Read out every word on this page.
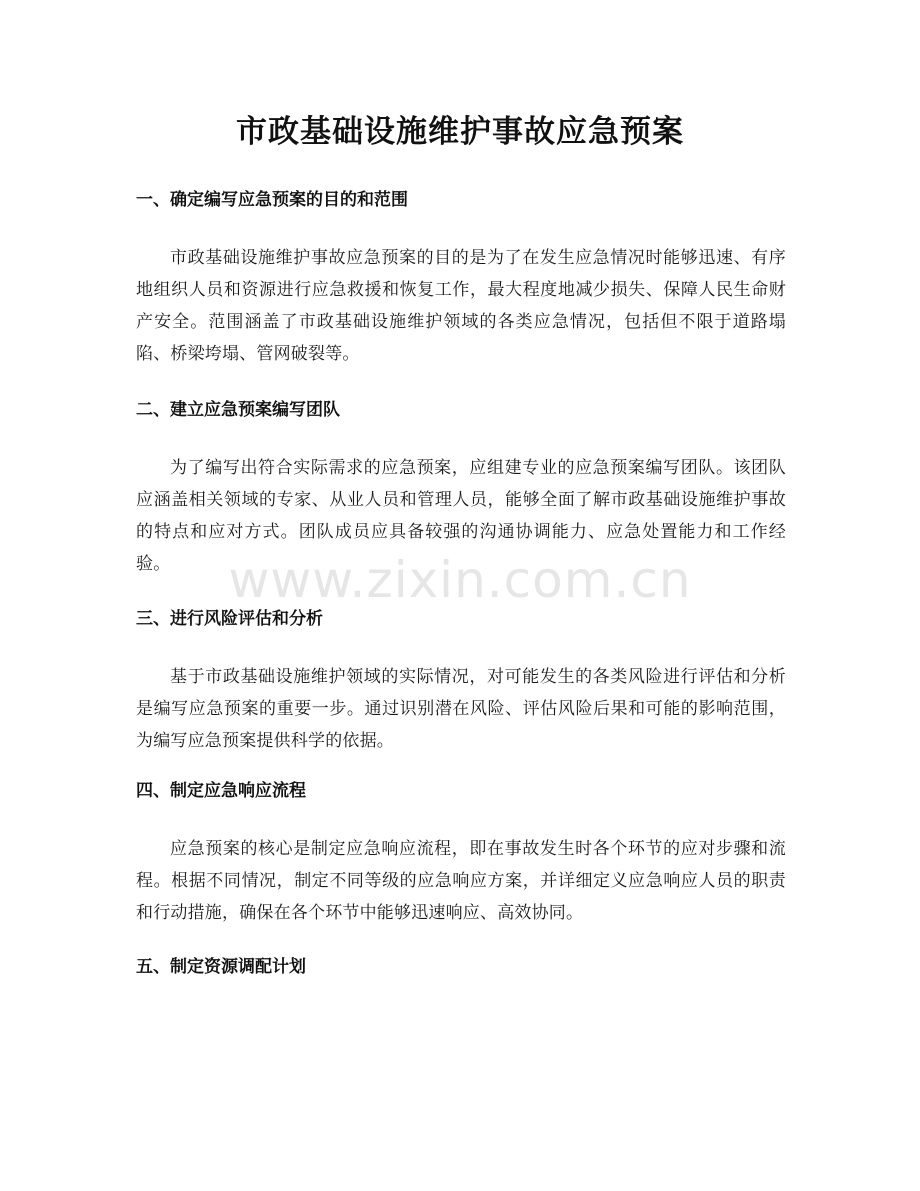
市政基础设施维护事故应急预案
一、确定编写应急预案的目的和范围

市政基础设施维护事故应急预案的目的是为了在发生应急情况时能够迅速、有序地组织人员和资源进行应急救援和恢复工作，最大程度地减少损失、保障人民生命财产安全。范围涵盖了市政基础设施维护领域的各类应急情况，包括但不限于道路塌陷、桥梁垮塌、管网破裂等。

二、建立应急预案编写团队

为了编写出符合实际需求的应急预案，应组建专业的应急预案编写团队。该团队应涵盖相关领域的专家、从业人员和管理人员，能够全面了解市政基础设施维护事故的特点和应对方式。团队成员应具备较强的沟通协调能力、应急处置能力和工作经验。

三、进行风险评估和分析

基于市政基础设施维护领域的实际情况，对可能发生的各类风险进行评估和分析是编写应急预案的重要一步。通过识别潜在风险、评估风险后果和可能的影响范围，为编写应急预案提供科学的依据。

四、制定应急响应流程

应急预案的核心是制定应急响应流程，即在事故发生时各个环节的应对步骤和流程。根据不同情况，制定不同等级的应急响应方案，并详细定义应急响应人员的职责和行动措施，确保在各个环节中能够迅速响应、高效协同。

五、制定资源调配计划
www.zixin.com.cn
